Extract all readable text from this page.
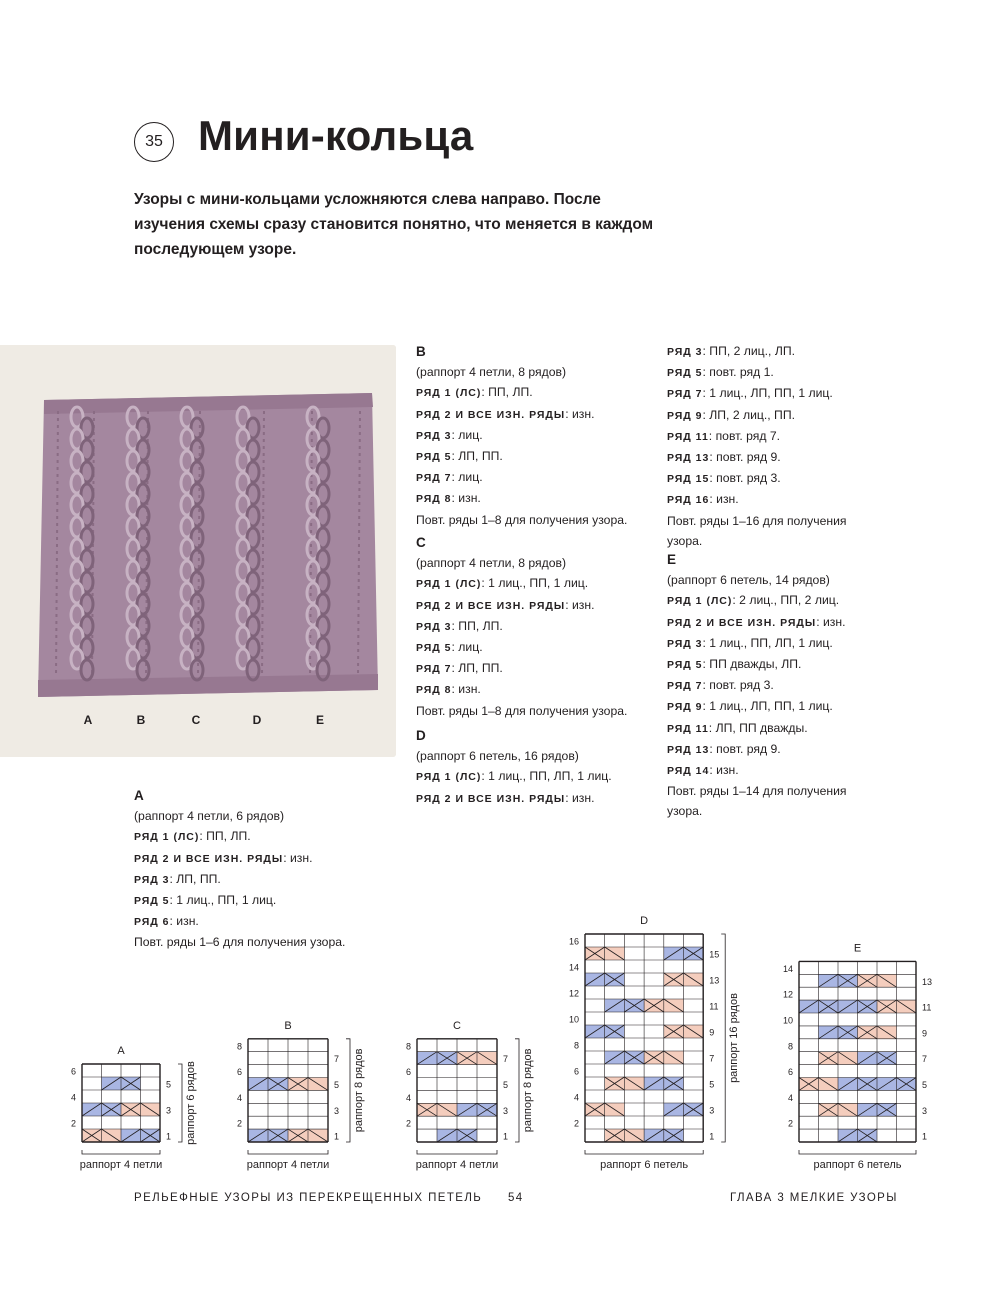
35 Мини-кольца

Узоры с мини-кольцами усложняются слева направо. После изучения схемы сразу становится понятно, что меняется в каждом последующем узоре.

A	B	C	D	E
A
(раппорт 4 петли, 6 рядов)
РЯД 1 (ЛС): ПП, ЛП.
РЯД 2 И ВСЕ ИЗН. РЯДЫ: изн.
РЯД 3: ЛП, ПП.
РЯД 5: 1 лиц., ПП, 1 лиц.
РЯД 6: изн.
Повт. ряды 1–6 для получения узора.
B
(раппорт 4 петли, 8 рядов)
РЯД 1 (ЛС): ПП, ЛП.
РЯД 2 И ВСЕ ИЗН. РЯДЫ: изн.
РЯД 3: лиц.
РЯД 5: ЛП, ПП.
РЯД 7: лиц.
РЯД 8: изн.
Повт. ряды 1–8 для получения узора.
C
(раппорт 4 петли, 8 рядов)
РЯД 1 (ЛС): 1 лиц., ПП, 1 лиц.
РЯД 2 И ВСЕ ИЗН. РЯДЫ: изн.
РЯД 3: ПП, ЛП.
РЯД 5: лиц.
РЯД 7: ЛП, ПП.
РЯД 8: изн.
Повт. ряды 1–8 для получения узора.
D
(раппорт 6 петель, 16 рядов)
РЯД 1 (ЛС): 1 лиц., ПП, ЛП, 1 лиц.
РЯД 2 И ВСЕ ИЗН. РЯДЫ: изн.
РЯД 3: ПП, 2 лиц., ЛП.
РЯД 5: повт. ряд 1.
РЯД 7: 1 лиц., ЛП, ПП, 1 лиц.
РЯД 9: ЛП, 2 лиц., ПП.
РЯД 11: повт. ряд 7.
РЯД 13: повт. ряд 9.
РЯД 15: повт. ряд 3.
РЯД 16: изн.
Повт. ряды 1–16 для получения узора.
E
(раппорт 6 петель, 14 рядов)
РЯД 1 (ЛС): 2 лиц., ПП, 2 лиц.
РЯД 2 И ВСЕ ИЗН. РЯДЫ: изн.
РЯД 3: 1 лиц., ПП, ЛП, 1 лиц.
РЯД 5: ПП дважды, ЛП.
РЯД 7: повт. ряд 3.
РЯД 9: 1 лиц., ЛП, ПП, 1 лиц.
РЯД 11: ЛП, ПП дважды.
РЯД 13: повт. ряд 9.
РЯД 14: изн.
Повт. ряды 1–14 для получения узора.
A
1
2
3
4
5
6
раппорт 4 петли
раппорт 6 рядов
B
1
2
3
4
5
6
7
8
раппорт 4 петли
раппорт 8 рядов
C
1
2
3
4
5
6
7
8
раппорт 4 петли
раппорт 8 рядов
D
1
2
3
4
5
6
7
8
9
10
11
12
13
14
15
16
раппорт 6 петель
раппорт 16 рядов
E
1
2
3
4
5
6
7
8
9
10
11
12
13
14
раппорт 6 петель
РЕЛЬЕФНЫЕ УЗОРЫ ИЗ ПЕРЕКРЕЩЕННЫХ ПЕТЕЛЬ 54	ГЛАВА 3 МЕЛКИЕ УЗОРЫ
